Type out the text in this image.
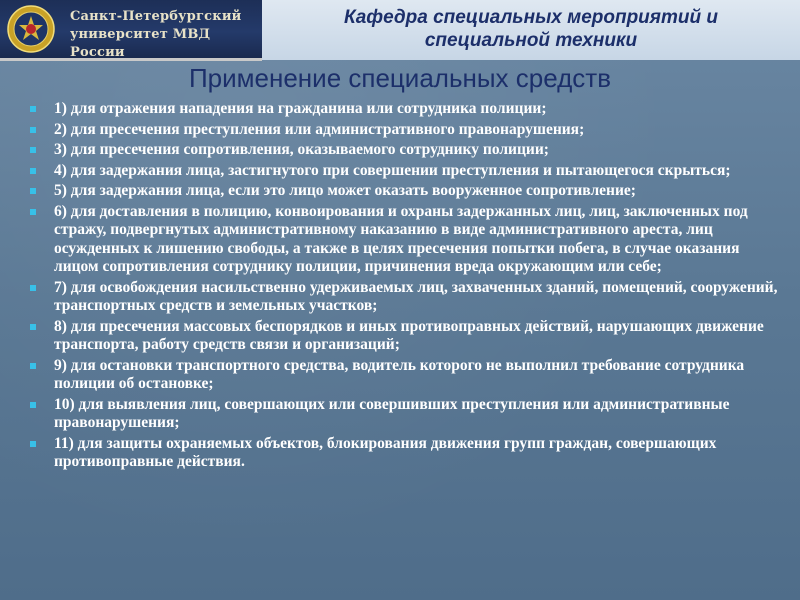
Санкт-Петербургский
университет МВД России
Кафедра специальных мероприятий и
специальной техники
Применение специальных средств
1) для отражения нападения на гражданина или сотрудника полиции;
2) для пресечения преступления или административного правонарушения;
3) для пресечения сопротивления, оказываемого сотруднику полиции;
4) для задержания лица, застигнутого при совершении преступления и пытающегося скрыться;
5) для задержания лица, если это лицо может оказать вооруженное сопротивление;
6) для доставления в полицию, конвоирования и охраны задержанных лиц, лиц, заключенных под стражу, подвергнутых административному наказанию в виде административного ареста, лиц осужденных к лишению свободы, а также в целях пресечения попытки побега, в случае оказания лицом сопротивления сотруднику полиции, причинения вреда окружающим или себе;
7) для освобождения насильственно удерживаемых лиц, захваченных зданий, помещений, сооружений, транспортных средств и земельных участков;
8) для пресечения массовых беспорядков и иных противоправных действий, нарушающих движение транспорта, работу средств связи и организаций;
9) для остановки транспортного средства, водитель которого не выполнил требование сотрудника полиции об остановке;
10) для выявления лиц, совершающих или совершивших преступления или административные правонарушения;
11) для защиты охраняемых объектов, блокирования движения групп граждан, совершающих противоправные действия.
